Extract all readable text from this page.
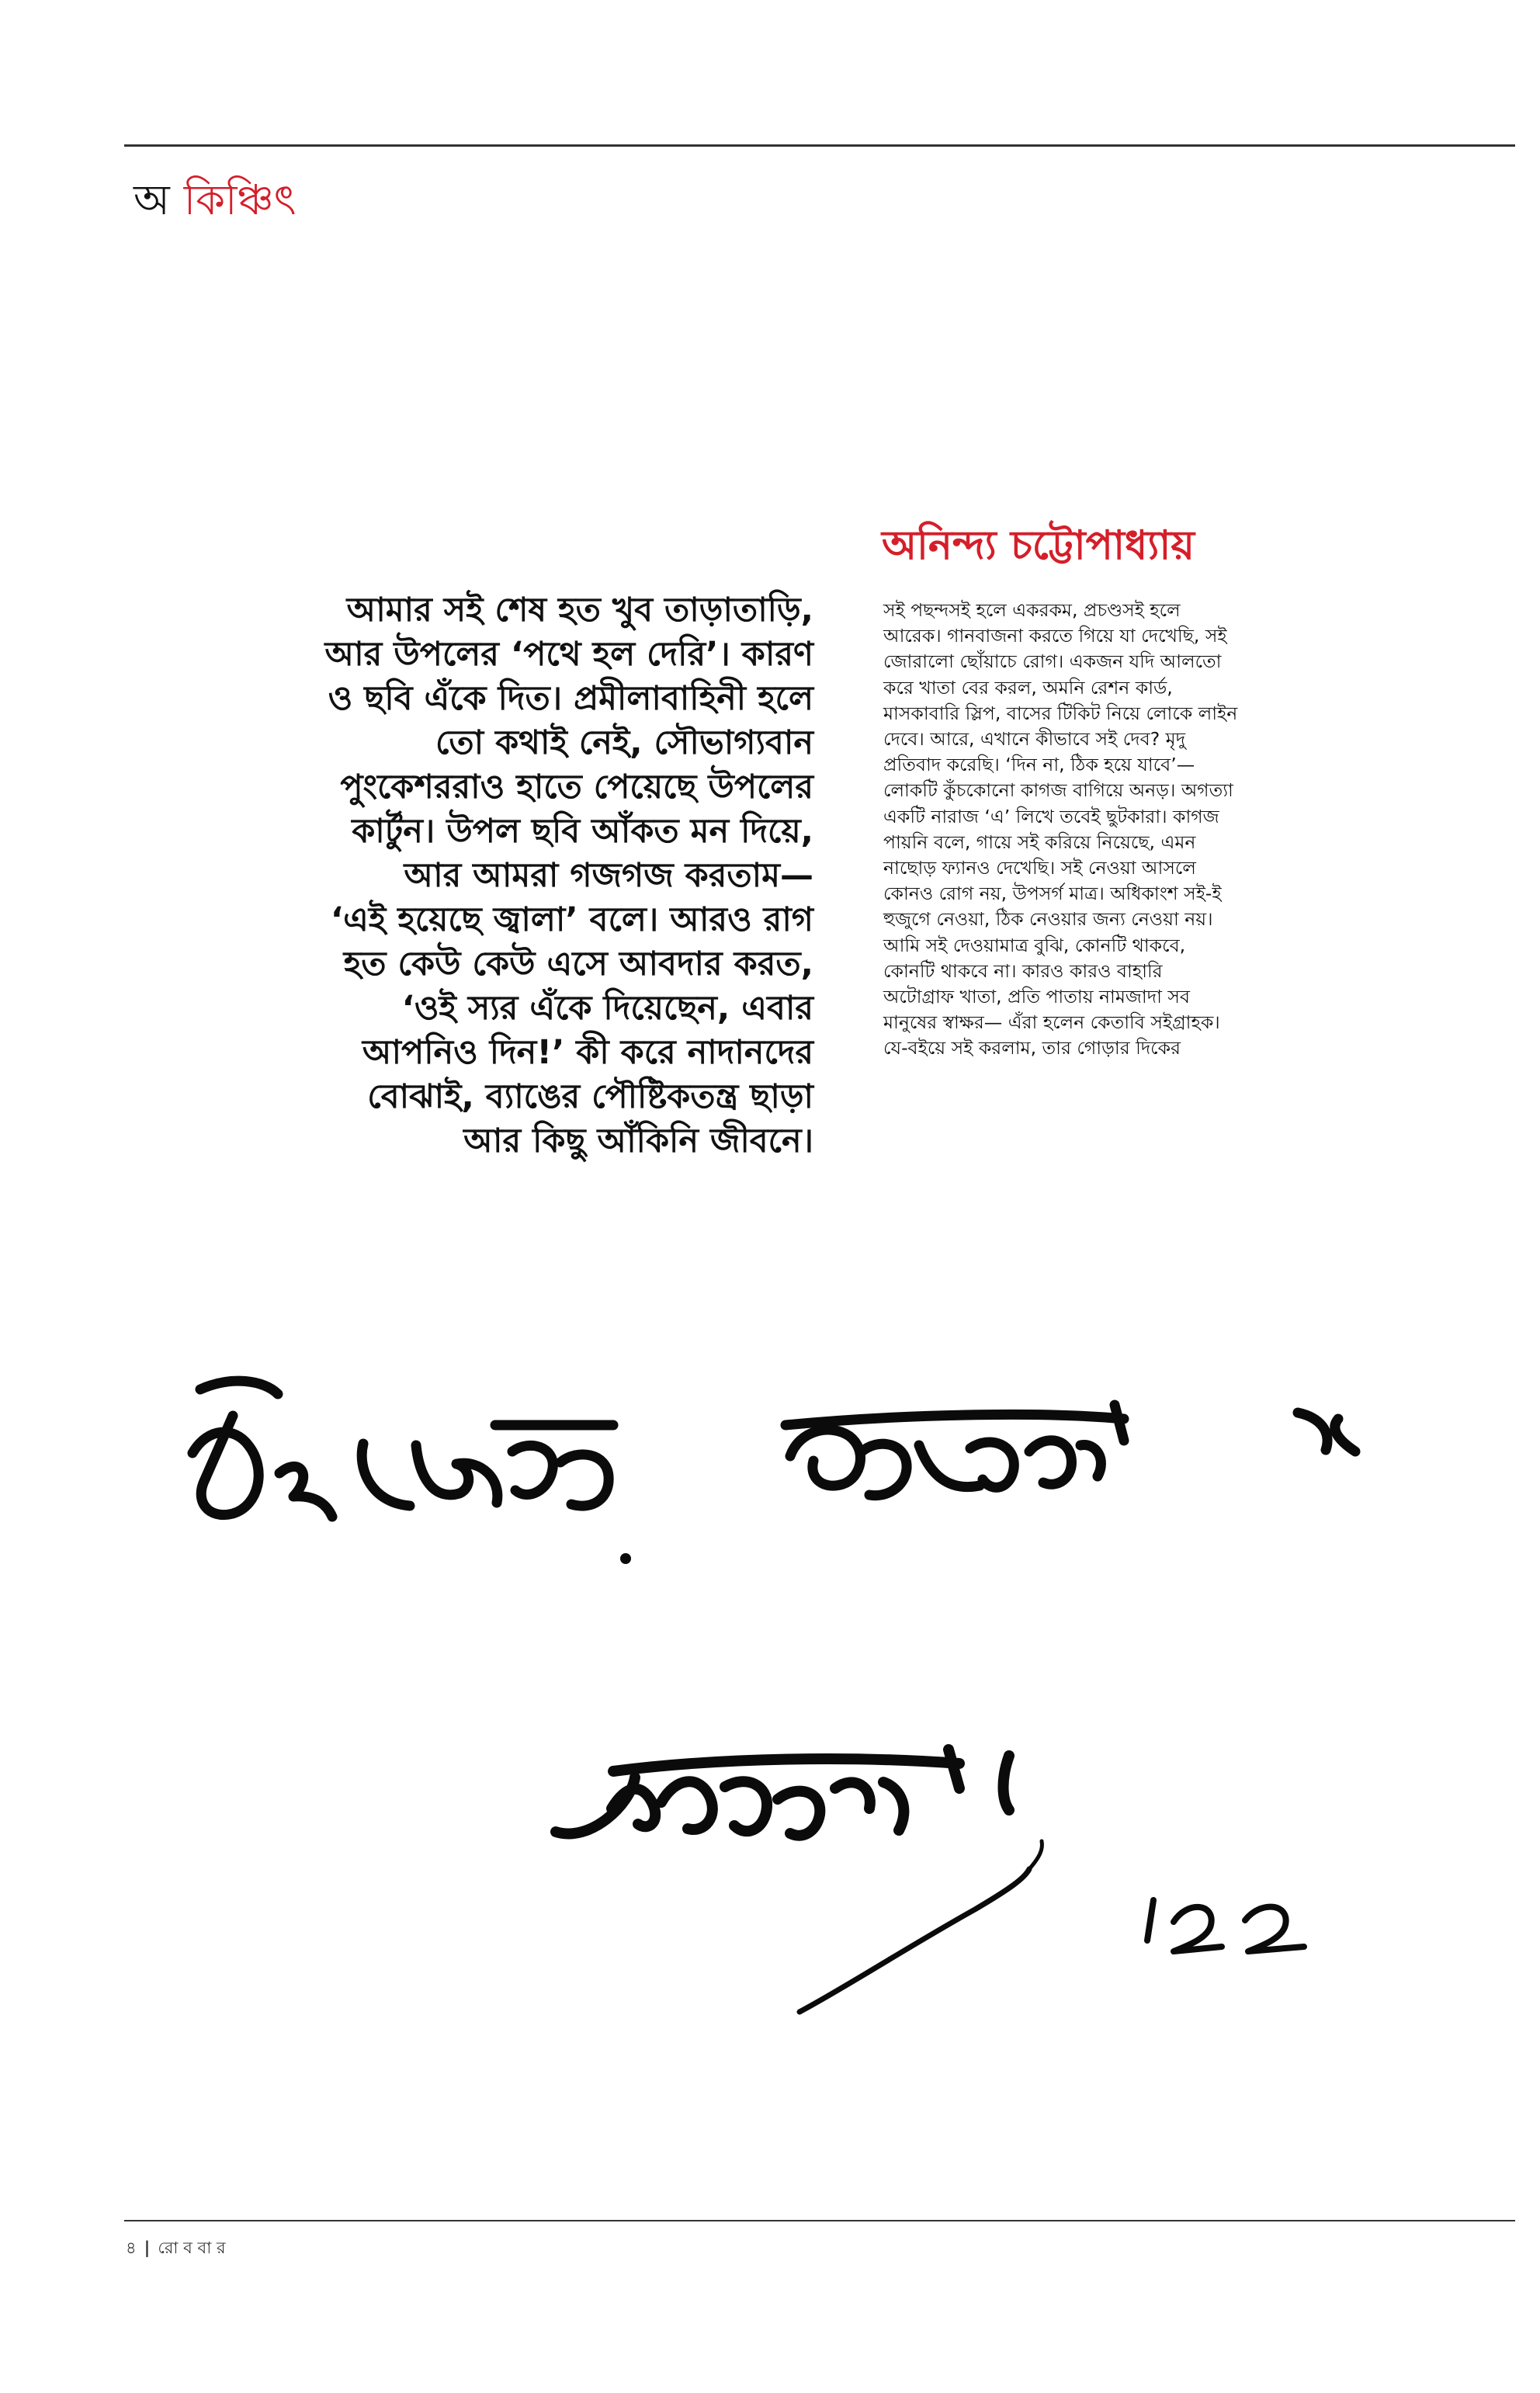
অ কিঞ্চিৎ
অনিন্দ্য চট্টোপাধ্যায়
আমার সই শেষ হত খুব তাড়াতাড়ি,
আর উপলের ‘পথে হল দেরি’। কারণ
ও ছবি এঁকে দিত। প্রমীলাবাহিনী হলে
তো কথাই নেই, সৌভাগ্যবান
পুংকেশররাও হাতে পেয়েছে উপলের
কার্টুন। উপল ছবি আঁকত মন দিয়ে,
আর আমরা গজগজ করতাম—
‘এই হয়েছে জ্বালা’ বলে। আরও রাগ
হত কেউ কেউ এসে আবদার করত,
‘ওই স্যর এঁকে দিয়েছেন, এবার
আপনিও দিন!’ কী করে নাদানদের
বোঝাই, ব্যাঙের পৌষ্টিকতন্ত্র ছাড়া
আর কিছু আঁকিনি জীবনে।
সই পছন্দসই হলে একরকম, প্রচণ্ডসই হলে
আরেক। গানবাজনা করতে গিয়ে যা দেখেছি, সই
জোরালো ছোঁয়াচে রোগ। একজন যদি আলতো
করে খাতা বের করল, অমনি রেশন কার্ড,
মাসকাবারি স্লিপ, বাসের টিকিট নিয়ে লোকে লাইন
দেবে। আরে, এখানে কীভাবে সই দেব? মৃদু
প্রতিবাদ করেছি। ‘দিন না, ঠিক হয়ে যাবে’—
লোকটি কুঁচকোনো কাগজ বাগিয়ে অনড়। অগত্যা
একটি নারাজ ‘এ’ লিখে তবেই ছুটকারা। কাগজ
পায়নি বলে, গায়ে সই করিয়ে নিয়েছে, এমন
নাছোড় ফ্যানও দেখেছি। সই নেওয়া আসলে
কোনও রোগ নয়, উপসর্গ মাত্র। অধিকাংশ সই-ই
হুজুগে নেওয়া, ঠিক নেওয়ার জন্য নেওয়া নয়।
আমি সই দেওয়ামাত্র বুঝি, কোনটি থাকবে,
কোনটি থাকবে না। কারও কারও বাহারি
অটোগ্রাফ খাতা, প্রতি পাতায় নামজাদা সব
মানুষের স্বাক্ষর— এঁরা হলেন কেতাবি সইগ্রাহক।
যে-বইয়ে সই করলাম, তার গোড়ার দিকের
৪ | রো ব বা র
